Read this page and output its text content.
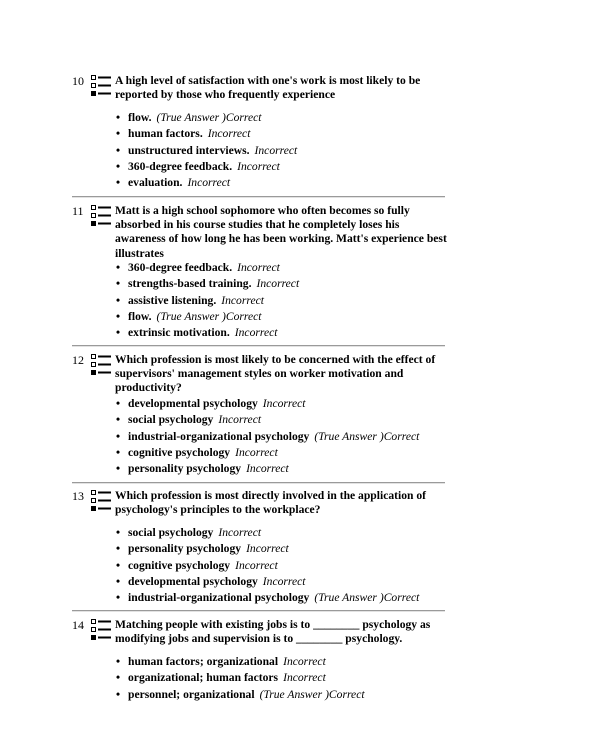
10	A high level of satisfaction with one's work is most likely to be reported by those who frequently experience
• flow. (True Answer )Correct
• human factors. Incorrect
• unstructured interviews. Incorrect
• 360-degree feedback. Incorrect
• evaluation. Incorrect
11	Matt is a high school sophomore who often becomes so fully absorbed in his course studies that he completely loses his awareness of how long he has been working. Matt's experience best illustrates
• 360-degree feedback. Incorrect
• strengths-based training. Incorrect
• assistive listening. Incorrect
• flow. (True Answer )Correct
• extrinsic motivation. Incorrect
12	Which profession is most likely to be concerned with the effect of supervisors' management styles on worker motivation and productivity?
• developmental psychology Incorrect
• social psychology Incorrect
• industrial-organizational psychology (True Answer )Correct
• cognitive psychology Incorrect
• personality psychology Incorrect
13	Which profession is most directly involved in the application of psychology's principles to the workplace?
• social psychology Incorrect
• personality psychology Incorrect
• cognitive psychology Incorrect
• developmental psychology Incorrect
• industrial-organizational psychology (True Answer )Correct
14	Matching people with existing jobs is to ________ psychology as modifying jobs and supervision is to ________ psychology.
• human factors; organizational Incorrect
• organizational; human factors Incorrect
• personnel; organizational (True Answer )Correct
